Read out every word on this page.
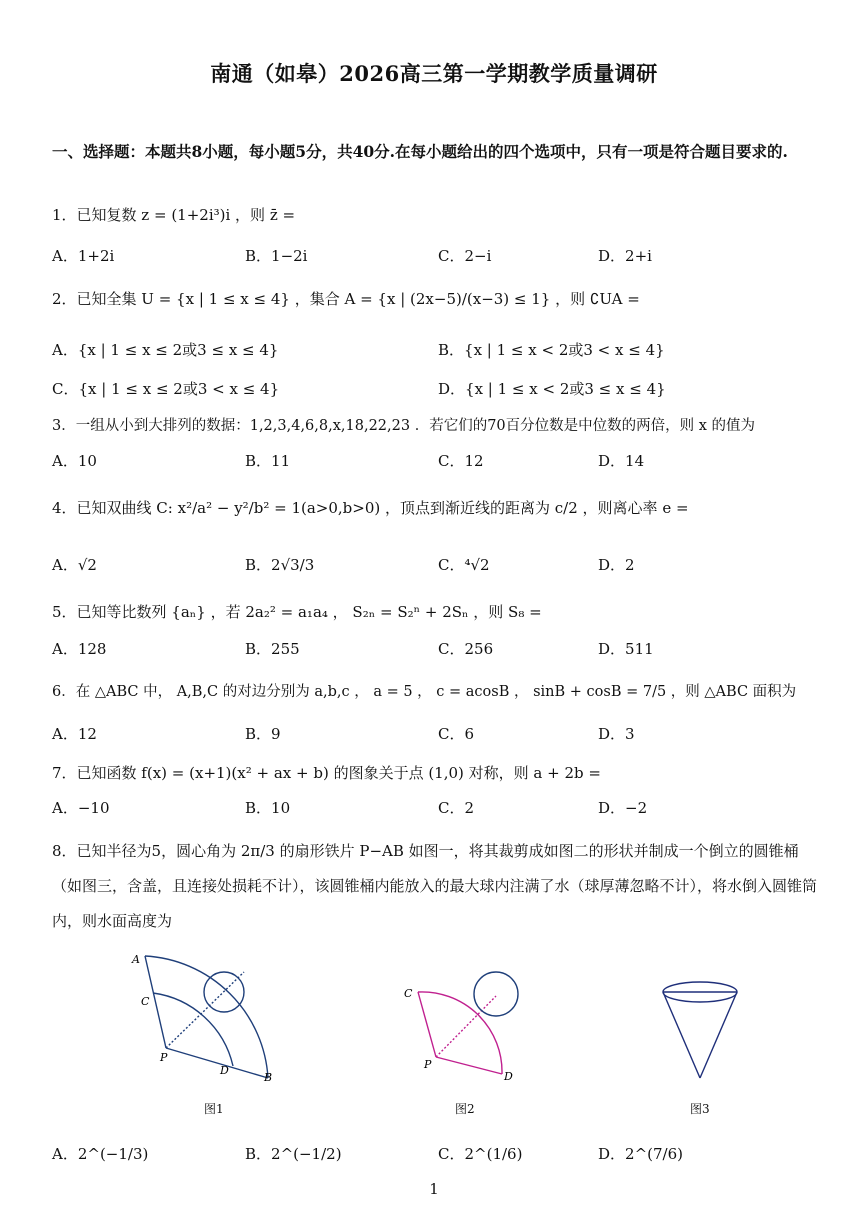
南通（如皋）2026高三第一学期教学质量调研
一、选择题：本题共8小题，每小题5分，共40分.在每小题给出的四个选项中，只有一项是符合题目要求的.
1．已知复数 z = (1+2i³)i ，则 z̄ =
A．1+2i	B．1−2i	C．2−i	D．2+i
2．已知全集 U = {x | 1 ≤ x ≤ 4} ，集合 A = {x | (2x−5)/(x−3) ≤ 1} ，则 ∁UA =
A．{x | 1 ≤ x ≤ 2或3 ≤ x ≤ 4}	B．{x | 1 ≤ x < 2或3 < x ≤ 4}
C．{x | 1 ≤ x ≤ 2或3 < x ≤ 4}	D．{x | 1 ≤ x < 2或3 ≤ x ≤ 4}
3．一组从小到大排列的数据：1,2,3,4,6,8,x,18,22,23 ．若它们的70百分位数是中位数的两倍，则 x 的值为
A．10	B．11	C．12	D．14
4．已知双曲线 C: x²/a² − y²/b² = 1(a>0,b>0) ，顶点到渐近线的距离为 c/2 ，则离心率 e =
A．√2	B．2√3/3	C．⁴√2	D．2
5．已知等比数列 {aₙ} ，若 2a₂² = a₁a₄ ， S₂ₙ = S₂ⁿ + 2Sₙ ，则 S₈ =
A．128	B．255	C．256	D．511
6．在 △ABC 中， A,B,C 的对边分别为 a,b,c ， a = 5 ， c = acosB ， sinB + cosB = 7/5 ，则 △ABC 面积为
A．12	B．9	C．6	D．3
7．已知函数 f(x) = (x+1)(x² + ax + b) 的图象关于点 (1,0) 对称，则 a + 2b =
A．−10	B．10	C．2	D．−2
8．已知半径为5，圆心角为 2π/3 的扇形铁片 P−AB 如图一，将其裁剪成如图二的形状并制成一个倒立的圆锥桶（如图三，含盖，且连接处损耗不计），该圆锥桶内能放入的最大球内注满了水（球厚薄忽略不计），将水倒入圆锥筒内，则水面高度为
A
C
P
D
B
图1
C
P
D
图2	图3
A．2^(−1/3)	B．2^(−1/2)	C．2^(1/6)	D．2^(7/6)
1
